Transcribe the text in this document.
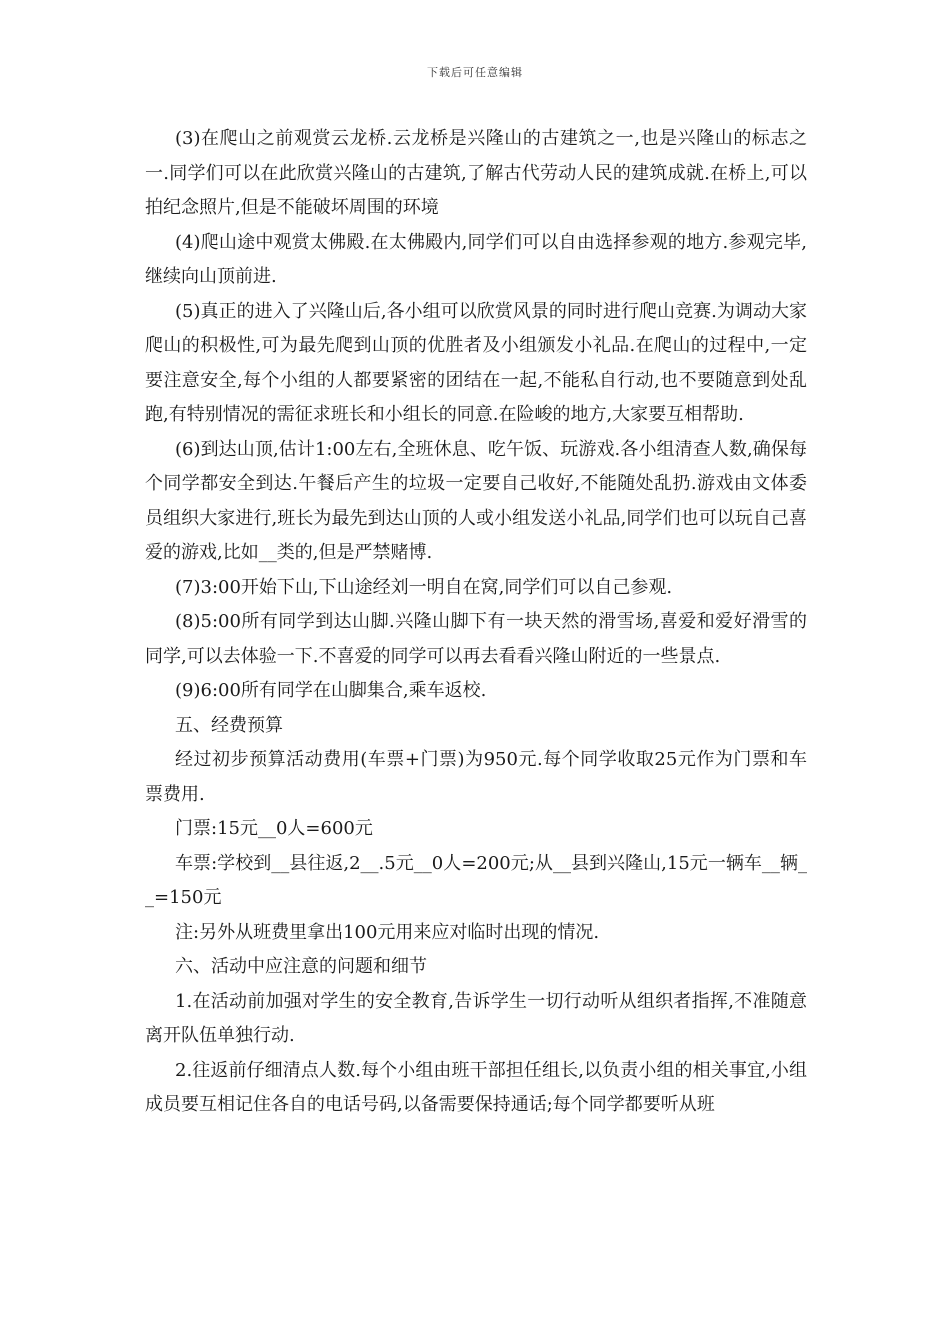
下载后可任意编辑

(3)在爬山之前观赏云龙桥.云龙桥是兴隆山的古建筑之一,也是兴隆山的标志之一.同学们可以在此欣赏兴隆山的古建筑,了解古代劳动人民的建筑成就.在桥上,可以拍纪念照片,但是不能破坏周围的环境

(4)爬山途中观赏太佛殿.在太佛殿内,同学们可以自由选择参观的地方.参观完毕,继续向山顶前进.

(5)真正的进入了兴隆山后,各小组可以欣赏风景的同时进行爬山竞赛.为调动大家爬山的积极性,可为最先爬到山顶的优胜者及小组颁发小礼品.在爬山的过程中,一定要注意安全,每个小组的人都要紧密的团结在一起,不能私自行动,也不要随意到处乱跑,有特别情况的需征求班长和小组长的同意.在险峻的地方,大家要互相帮助.

(6)到达山顶,估计1:00左右,全班休息、吃午饭、玩游戏.各小组清查人数,确保每个同学都安全到达.午餐后产生的垃圾一定要自己收好,不能随处乱扔.游戏由文体委员组织大家进行,班长为最先到达山顶的人或小组发送小礼品,同学们也可以玩自己喜爱的游戏,比如__类的,但是严禁赌博.

(7)3:00开始下山,下山途经刘一明自在窝,同学们可以自己参观.

(8)5:00所有同学到达山脚.兴隆山脚下有一块天然的滑雪场,喜爱和爱好滑雪的同学,可以去体验一下.不喜爱的同学可以再去看看兴隆山附近的一些景点.

(9)6:00所有同学在山脚集合,乘车返校.

五、经费预算

经过初步预算活动费用(车票+门票)为950元.每个同学收取25元作为门票和车票费用.

门票:15元__0人=600元

车票:学校到__县往返,2__.5元__0人=200元;从__县到兴隆山,15元一辆车__辆__=150元

注:另外从班费里拿出100元用来应对临时出现的情况.

六、活动中应注意的问题和细节

1.在活动前加强对学生的安全教育,告诉学生一切行动听从组织者指挥,不准随意离开队伍单独行动.

2.往返前仔细清点人数.每个小组由班干部担任组长,以负责小组的相关事宜,小组成员要互相记住各自的电话号码,以备需要保持通话;每个同学都要听从班
